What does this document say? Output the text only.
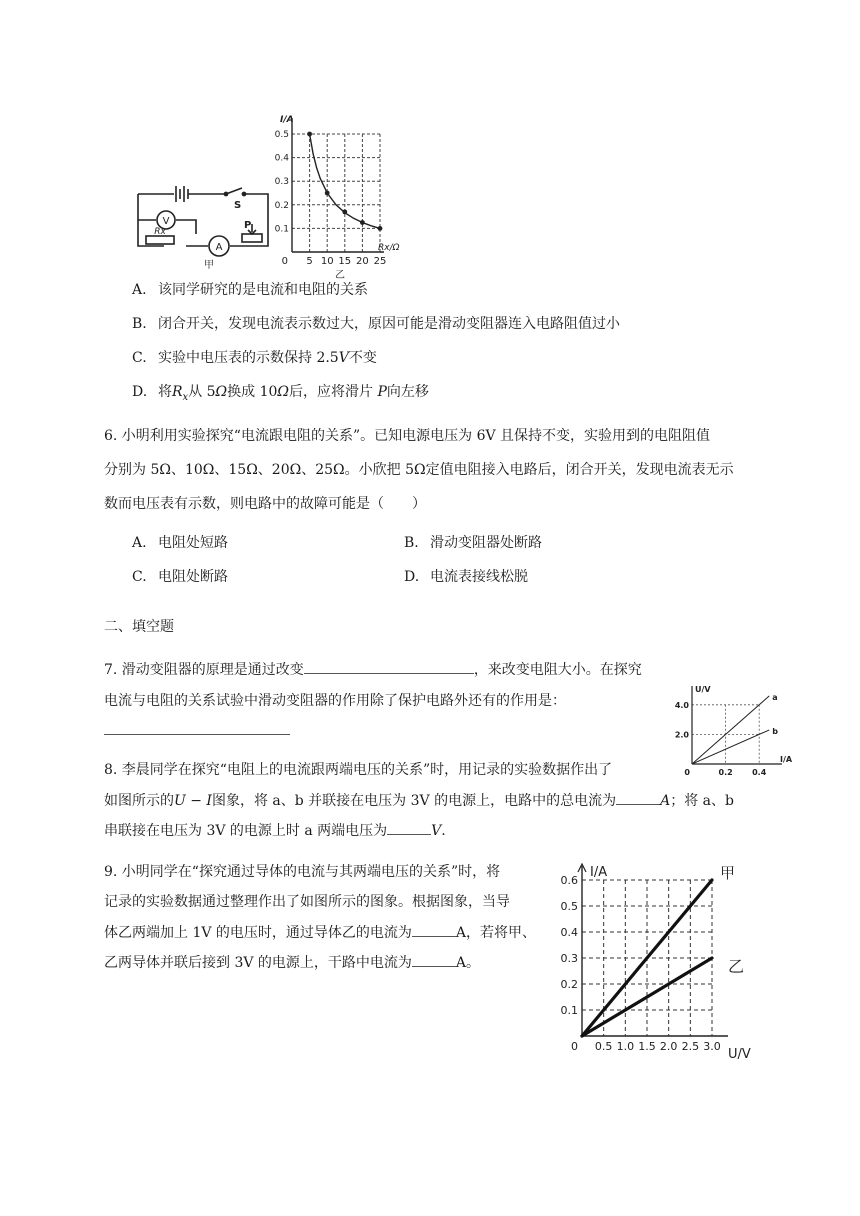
V
A
S
P
Rx
甲	5 10 15 20 25
0.1
0.2
0.3
0.4
0.5
I/A
Rx/Ω
0
乙
A. 该同学研究的是电流和电阻的关系
B. 闭合开关，发现电流表示数过大，原因可能是滑动变阻器连入电路阻值过小
C. 实验中电压表的示数保持 2.5V不变
D. 将$R_x$从 5Ω换成 10Ω后，应将滑片 P向左移
6. 小明利用实验探究“电流跟电阻的关系”。已知电源电压为 6V 且保持不变，实验用到的电阻阻值
分别为 5Ω、10Ω、15Ω、20Ω、25Ω。小欣把 5Ω定值电阻接入电路后，闭合开关，发现电流表无示
数而电压表有示数，则电路中的故障可能是（　　）
A. 电阻处短路	B. 滑动变阻器处断路
C. 电阻处断路	D. 电流表接线松脱
二、填空题
7. 滑动变阻器的原理是通过改变	，来改变电阻大小。在探究
电流与电阻的关系试验中滑动变阻器的作用除了保护电路外还有的作用是：
0.2 0.4
2.0
4.0
U/V
I/A
0
a
b
8. 李晨同学在探究“电阻上的电流跟两端电压的关系”时，用记录的实验数据作出了
如图所示的U − I图象，将 a、b 并联接在电压为 3V 的电源上，电路中的总电流为	A；将 a、b
串联接在电压为 3V 的电源上时 a 两端电压为	V.
9. 小明同学在“探究通过导体的电流与其两端电压的关系”时，将
记录的实验数据通过整理作出了如图所示的图象。根据图象，当导
体乙两端加上 1V 的电压时，通过导体乙的电流为	A，若将甲、
乙两导体并联后接到 3V 的电源上，干路中电流为	A。
0.5 1.0 1.5 2.0 2.5 3.0
0.1
0.2
0.3
0.4
0.5
0.6
I/A
U/V
0
甲
乙
